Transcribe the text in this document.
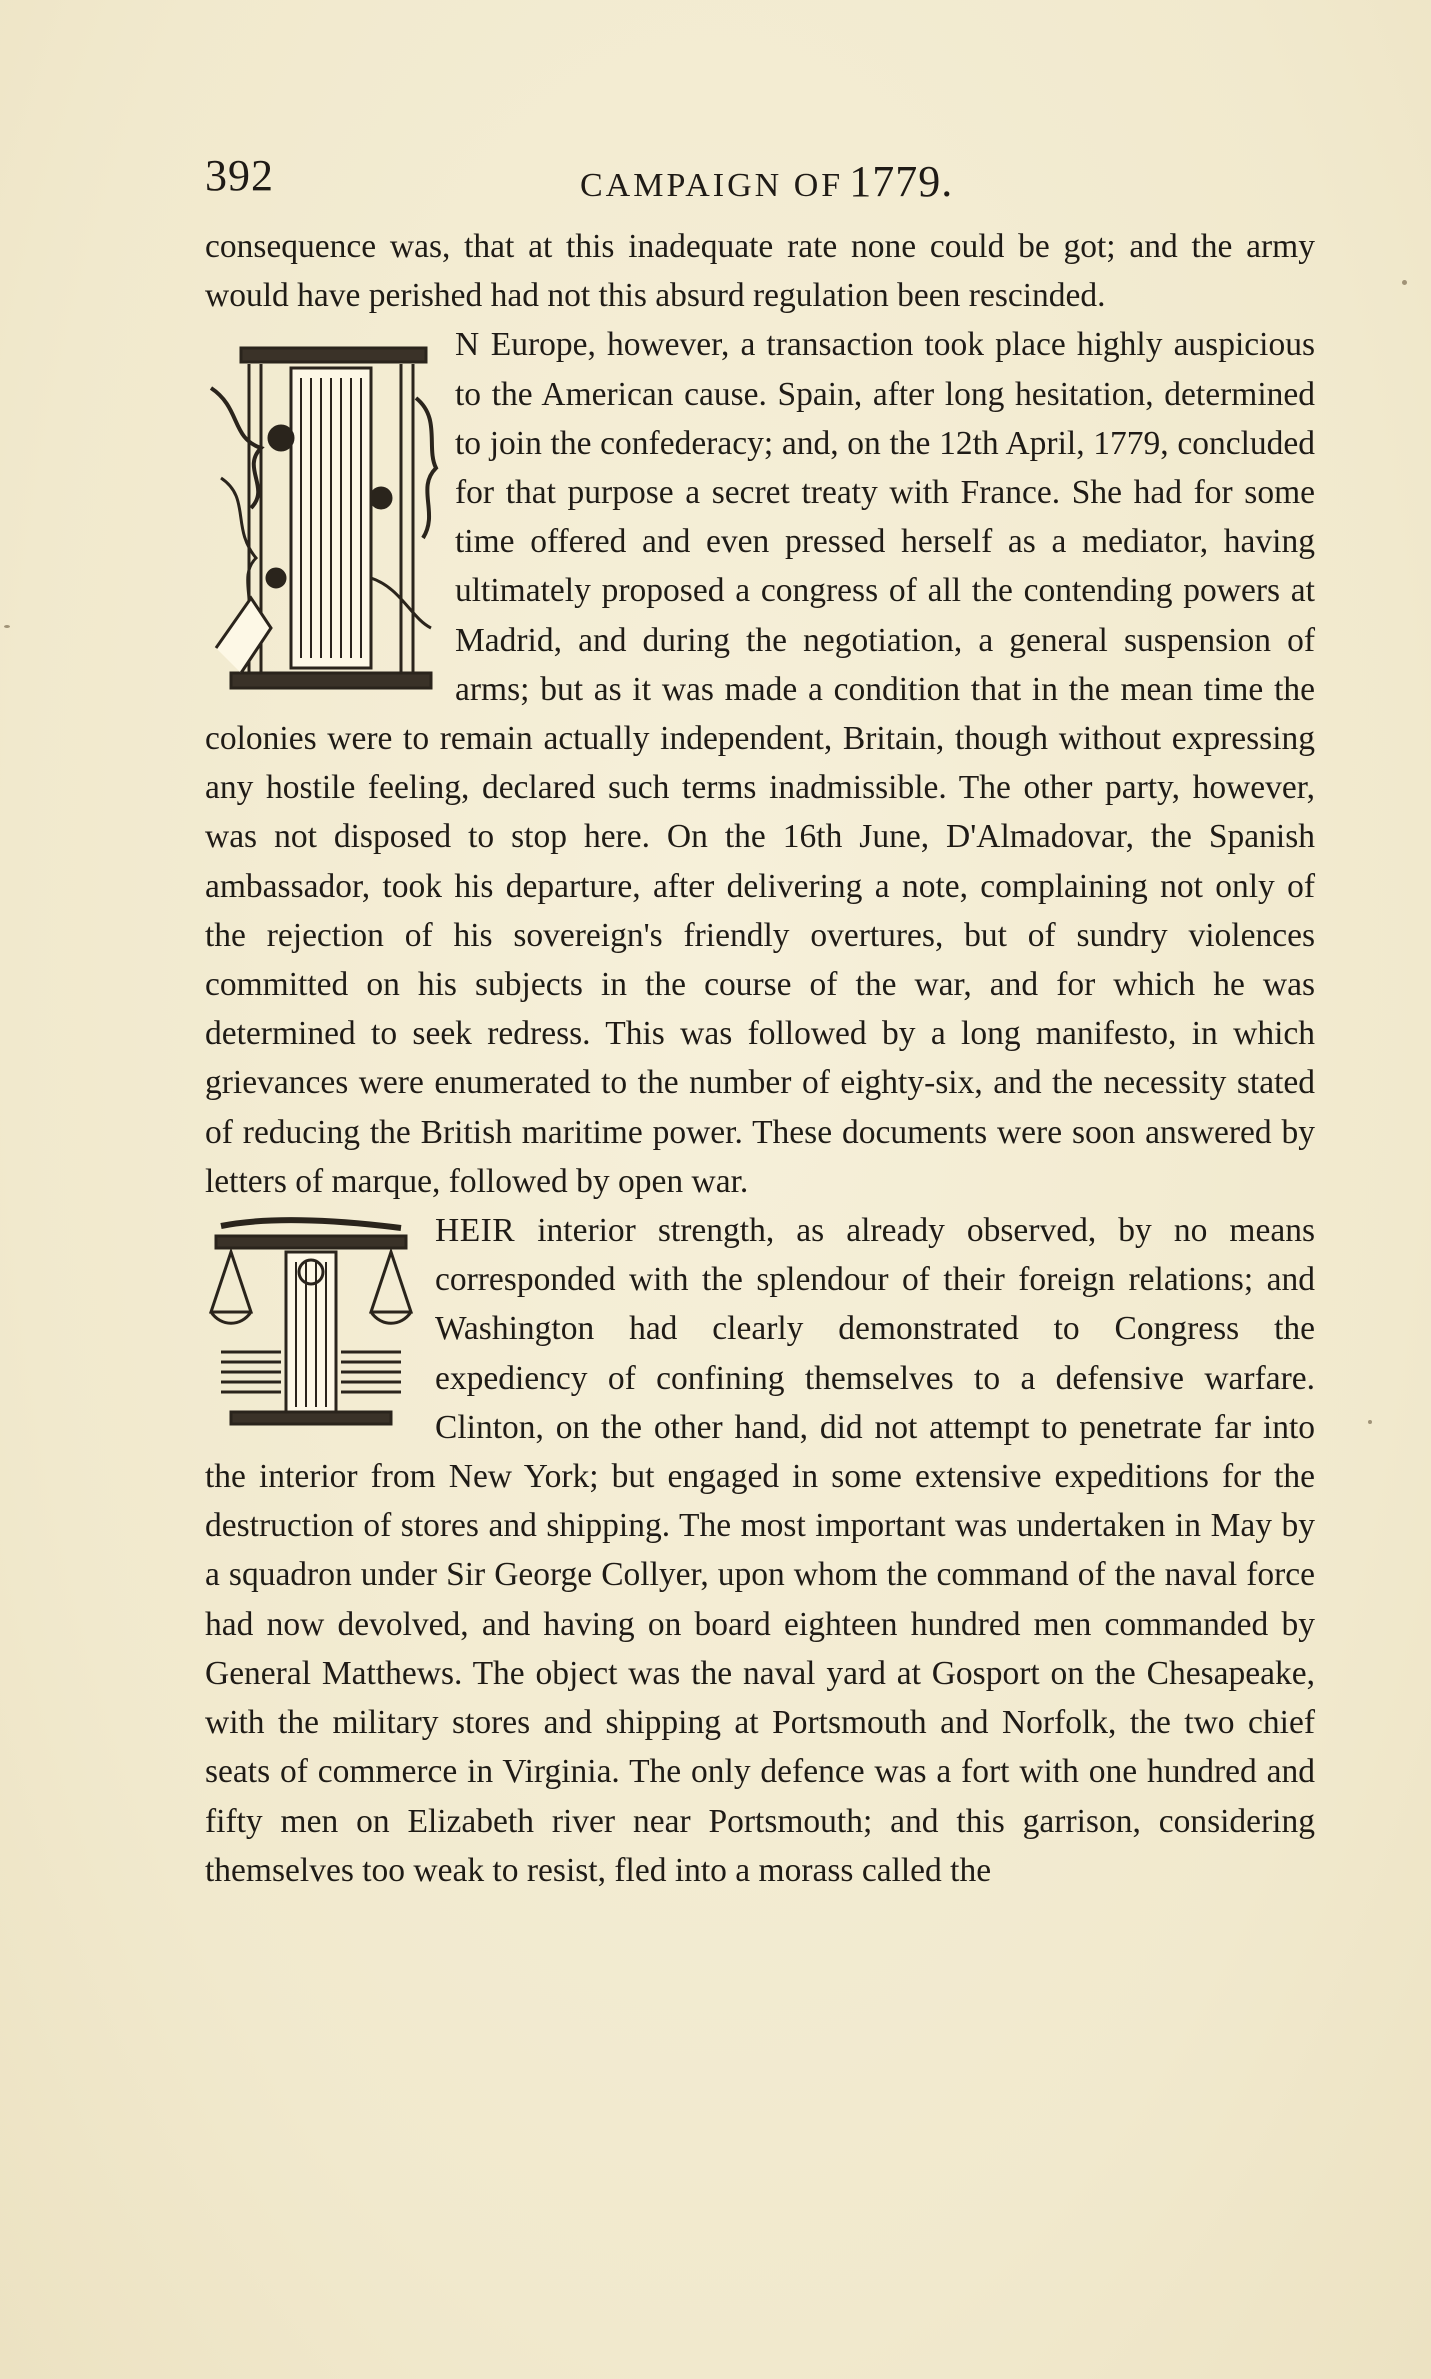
392	CAMPAIGN OF 1779.

consequence was, that at this inadequate rate none could be got; and the army would have perished had not this absurd regulation been rescinded.

N Europe, however, a transaction took place highly auspicious to the American cause. Spain, after long hesitation, determined to join the confederacy; and, on the 12th April, 1779, concluded for that purpose a secret treaty with France. She had for some time offered and even pressed herself as a mediator, having ultimately proposed a congress of all the contending powers at Madrid, and during the negotiation, a general suspension of arms; but as it was made a condition that in the mean time the colonies were to remain actually independent, Britain, though without expressing any hostile feeling, declared such terms inadmissible. The other party, however, was not disposed to stop here. On the 16th June, D'Almadovar, the Spanish ambassador, took his departure, after delivering a note, complaining not only of the rejection of his sovereign's friendly overtures, but of sundry violences committed on his subjects in the course of the war, and for which he was determined to seek redress. This was followed by a long manifesto, in which grievances were enumerated to the number of eighty-six, and the necessity stated of reducing the British maritime power. These documents were soon answered by letters of marque, followed by open war.
HEIR interior strength, as already observed, by no means corresponded with the splendour of their foreign relations; and Washington had clearly demonstrated to Congress the expediency of confining themselves to a defensive warfare. Clinton, on the other hand, did not attempt to penetrate far into the interior from New York; but engaged in some extensive expeditions for the destruction of stores and shipping. The most important was undertaken in May by a squadron under Sir George Collyer, upon whom the command of the naval force had now devolved, and having on board eighteen hundred men commanded by General Matthews. The object was the naval yard at Gosport on the Chesapeake, with the military stores and shipping at Portsmouth and Norfolk, the two chief seats of commerce in Virginia. The only defence was a fort with one hundred and fifty men on Elizabeth river near Portsmouth; and this garrison, considering themselves too weak to resist, fled into a morass called the
